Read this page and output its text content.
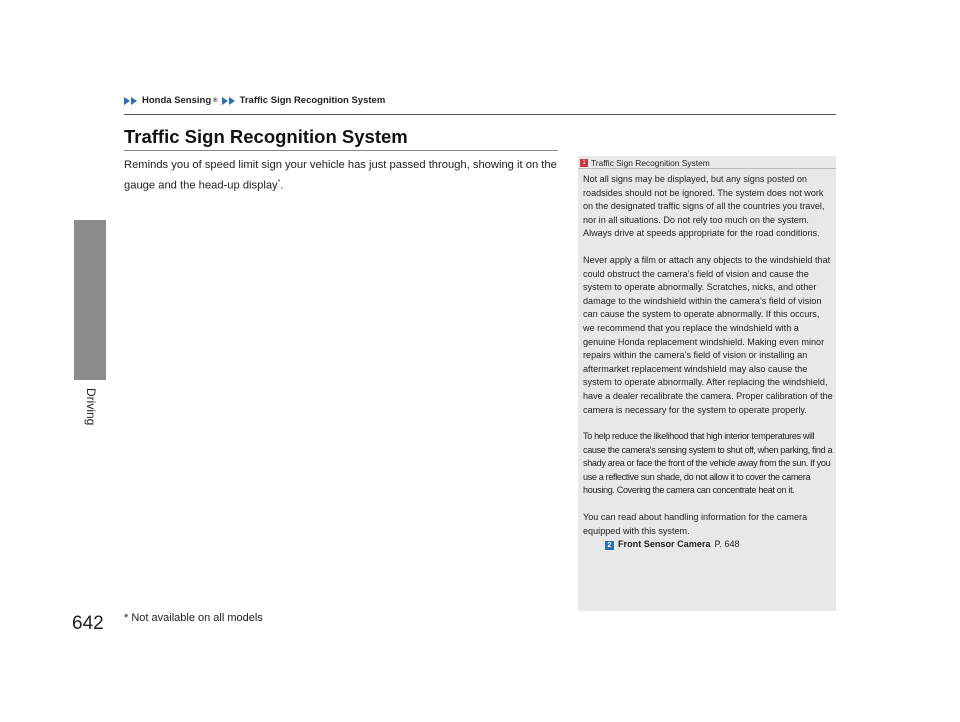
Driving
Honda Sensing ® Traffic Sign Recognition System
Traffic Sign Recognition System
Reminds you of speed limit sign your vehicle has just passed through, showing it on the gauge and the head-up display*.
1 Traffic Sign Recognition System

Not all signs may be displayed, but any signs posted on roadsides should not be ignored. The system does not work on the designated traffic signs of all the countries you travel, nor in all situations. Do not rely too much on the system. Always drive at speeds appropriate for the road conditions.

Never apply a film or attach any objects to the windshield that could obstruct the camera’s field of vision and cause the system to operate abnormally. Scratches, nicks, and other damage to the windshield within the camera’s field of vision can cause the system to operate abnormally. If this occurs, we recommend that you replace the windshield with a genuine Honda replacement windshield. Making even minor repairs within the camera’s field of vision or installing an aftermarket replacement windshield may also cause the system to operate abnormally. After replacing the windshield, have a dealer recalibrate the camera. Proper calibration of the camera is necessary for the system to operate properly.

To help reduce the likelihood that high interior temperatures will cause the camera’s sensing system to shut off, when parking, find a shady area or face the front of the vehicle away from the sun. If you use a reflective sun shade, do not allow it to cover the camera housing. Covering the camera can concentrate heat on it.

You can read about handling information for the camera equipped with this system.

2 Front Sensor Camera P. 648
642 * Not available on all models
